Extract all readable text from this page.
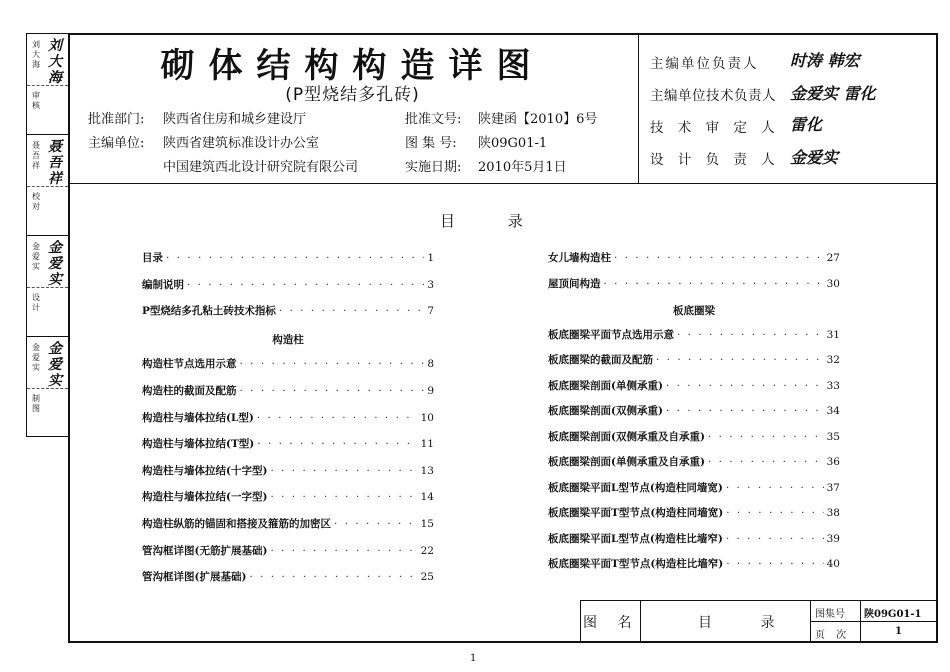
刘大海
刘大海
审 核
聂吾祥
聂吾祥
校 对
金爱实
金爱实
设 计
金爱实
金爱实
制 图
砌体结构构造详图
(P型烧结多孔砖)
批准部门: 陕西省住房和城乡建设厅
主编单位: 陕西省建筑标准设计办公室
中国建筑西北设计研究院有限公司
批准文号: 陕建函【2010】6号
图 集 号: 陕09G01-1
实施日期: 2010年5月1日
主编单位负责人 时涛 韩宏
主编单位技术负责人 金爱实 雷化
技 术 审 定 人 雷化
设 计 负 责 人 金爱实
目 录
目录 · · ·	1
编制说明 · · ·	3
P型烧结多孔粘土砖技术指标 · · ·	7
构造柱
构造柱节点选用示意 · · ·	8
构造柱的截面及配筋 · · ·	9
构造柱与墙体拉结(L型) · · ·	10
构造柱与墙体拉结(T型) · · ·	11
构造柱与墙体拉结(十字型) · · ·	13
构造柱与墙体拉结(一字型) · · ·	14
构造柱纵筋的锚固和搭接及箍筋的加密区 · · ·	15
管沟框详图(无筋扩展基础) · · ·	22
管沟框详图(扩展基础) · · ·	25
女儿墙构造柱 · · ·	27
屋顶间构造 · · ·	30
板底圈梁
板底圈梁平面节点选用示意 · · ·	31
板底圈梁的截面及配筋 · · ·	32
板底圈梁剖面(单侧承重) · · ·	33
板底圈梁剖面(双侧承重) · · ·	34
板底圈梁剖面(双侧承重及自承重) · · ·	35
板底圈梁剖面(单侧承重及自承重) · · ·	36
板底圈梁平面L型节点(构造柱同墙宽) · · ·	37
板底圈梁平面T型节点(构造柱同墙宽) · · ·	38
板底圈梁平面L型节点(构造柱比墙窄) · · ·	39
板底圈梁平面T型节点(构造柱比墙窄) · · ·	40
图 名	目 录
图集号 陕09G01-1
页 次	1
1
